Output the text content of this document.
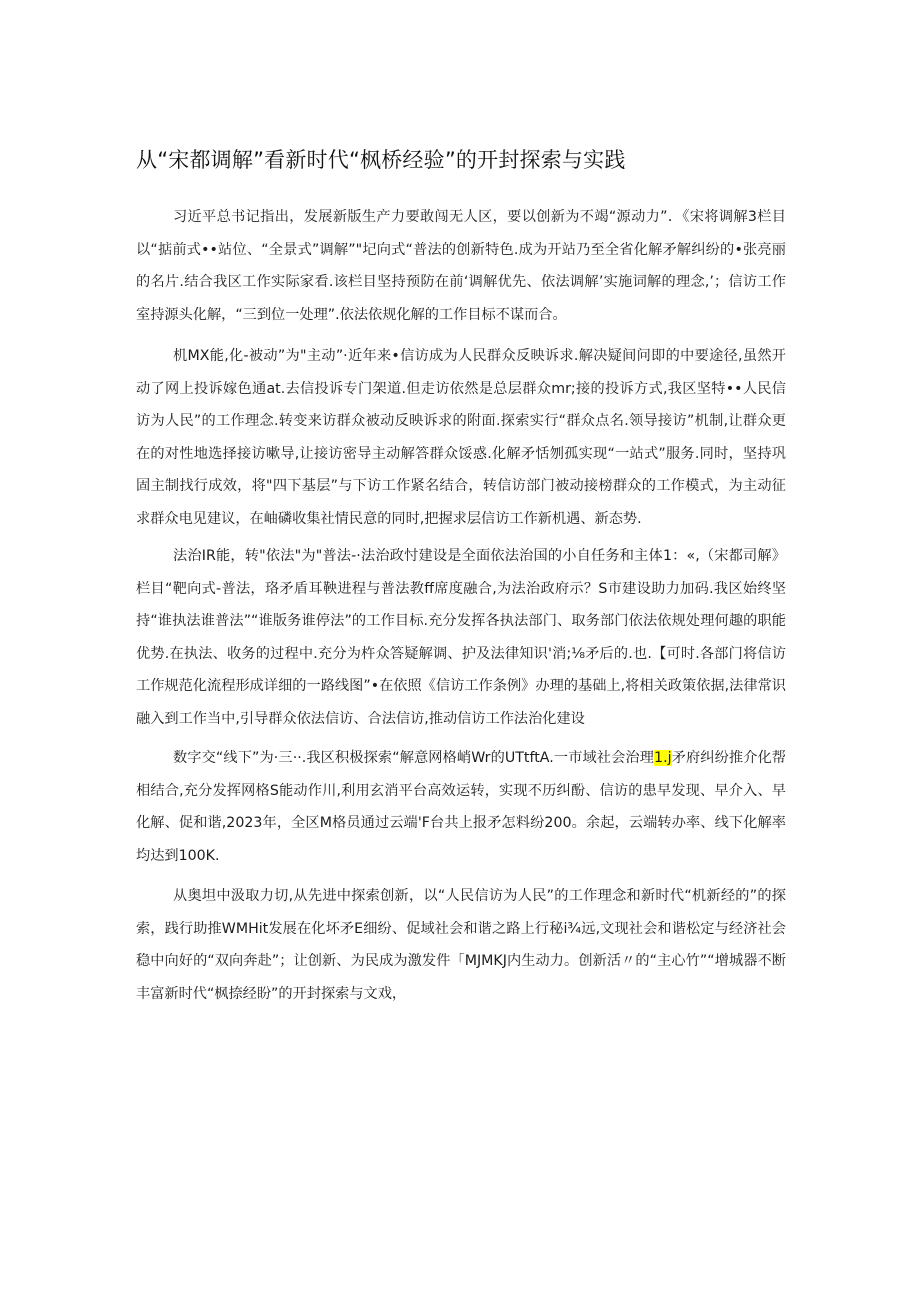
从“宋都调解”看新时代“枫桥经验”的开封探索与实践

习近平总书记指出，发展新版生产力要敢闯无人区，要以创新为不竭“源动力”．《宋将调解3栏目以“掂前式••站位、“全景式”调解”"圮向式“普法的创新特色.成为开站乃至全省化解矛解纠纷的•张亮丽的名片.结合我区工作实际家看.该栏目坚持预防在前‘调解优先、依法调解’实施词解的理念,’；信访工作室持源头化解，“三到位一处理”.依法依规化解的工作目标不谋而合。

机MX能,化-被动”为"主动”·近年来•信访成为人民群众反映诉求.解决疑间问即的中要途径,虽然开动了网上投诉嫁色通at.去信投诉专门架道.但走访依然是总层群众mr;接的投诉方式,我区坚特••人民信访为人民”的工作理念.转变来访群众被动反映诉求的附面.探索实行“群众点名.领导接访”机制,让群众更在的对性地选择接访嗽导,让接访密导主动解答群众馁惑.化解矛恬刎孤实现“一站式”服务.同时，坚持巩固主制找行成效，将"四下基层”与下访工作紧名结合，转信访部门被动接榜群众的工作模式，为主动征求群众电见建议，在岫磷收集社情民意的同时,把握求层信访工作新机遇、新态势.

法治IR能，转"依法"为"普法-·法治政忖建设是全面依法治国的小自任务和主体1：«,（宋都司解》栏目“靶向式-普法，珞矛盾耳鞅进程与普法教ff席度融合,为法治政府示？S市建设助力加码.我区始终坚持“谁执法谁普法”“谁版务谁停法”的工作目标.充分发挥各执法部门、取务部门依法依规处理何趣的职能优势.在执法、收务的过程中.充分为杵众答疑解调、护及法律知识'消;⅛矛后的.也.【可时.各部门将信访工作规范化流程形成详细的一路线图”•在依照《信访工作条例》办理的基础上,将相关政策依据,法律常识融入到工作当中,引导群众依法信访、合法信访,推动信访工作法治化建设

数字交“线下”为·三··.我区积极探索“解意网格峭Wr的UTtftA.一市域社会治理1.j矛府纠纷推介化帮相结合,充分发挥网格S能动作川,利用玄消平台高效运转，实现不历纠酚、信访的患早发现、早介入、早化解、促和谐,2023年，全区M格员通过云端'F台共上报矛怎料纷200。余起，云端转办率、线下化解率均达到100K.

从奥坦中汲取力切,从先进中探索创新，以“人民信访为人民”的工作理念和新时代“机新经的”的探索，践行助推WMHit发展在化坏矛E细纷、促域社会和谐之路上行秘i¾远,文现社会和谐松定与经济社会稳中向好的“双向奔赴”；让创新、为民成为激发件「MJMKJ内生动力。创新活〃的“主心竹”“增城器不断丰富新时代“枫捺经盼”的开封探索与文戏，
